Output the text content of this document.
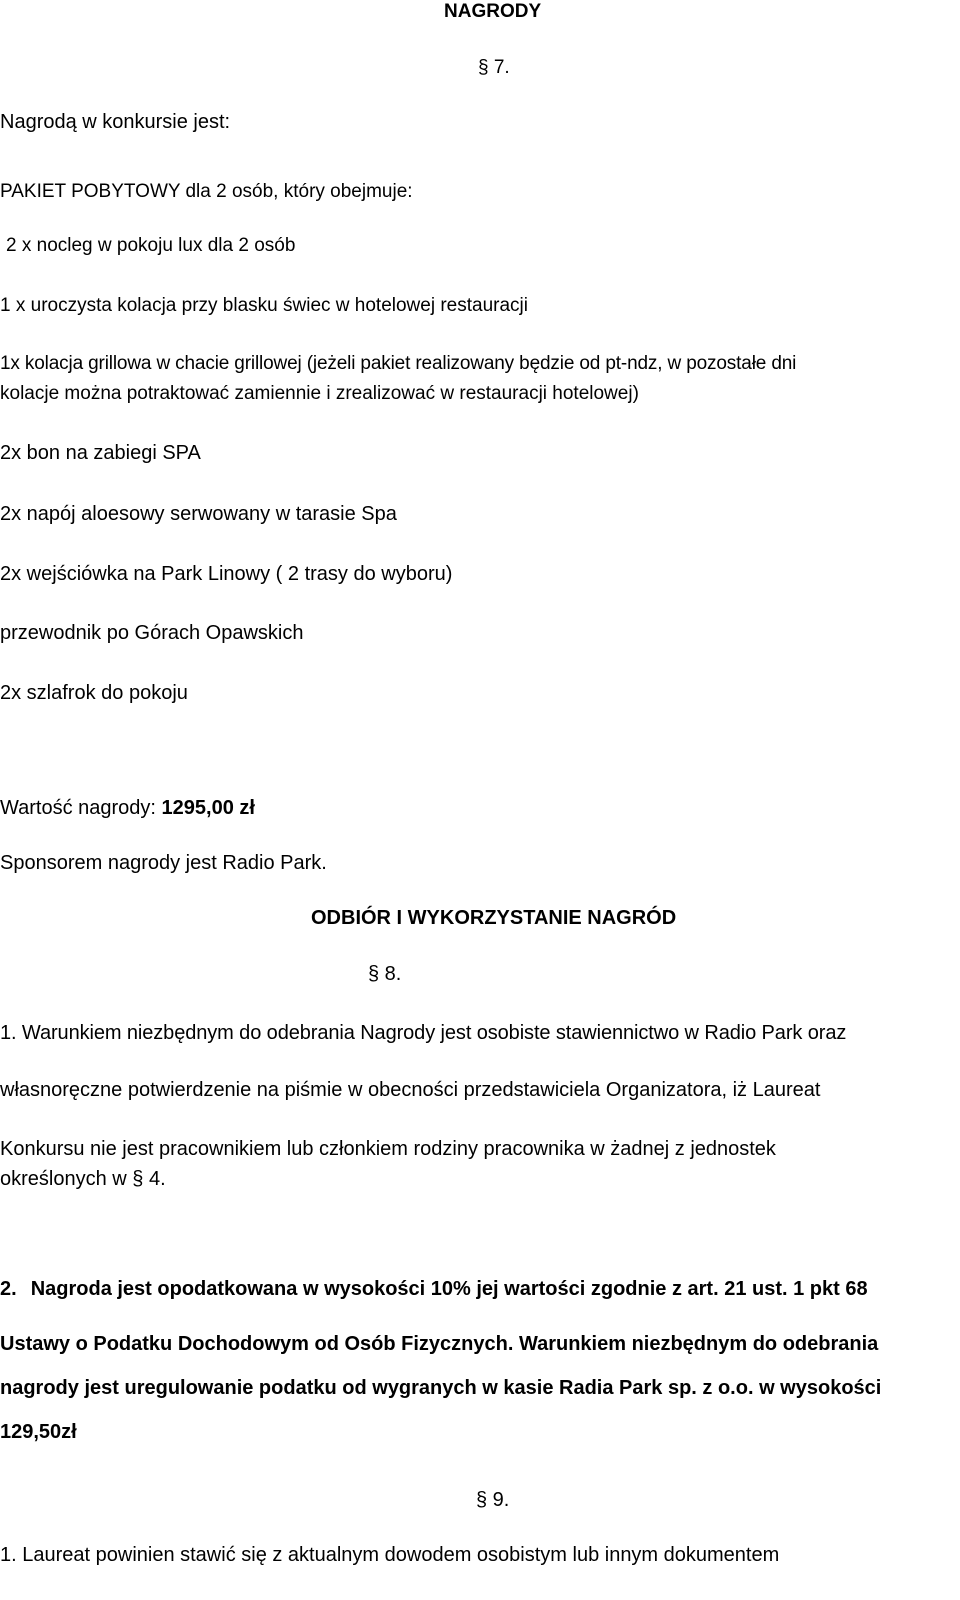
NAGRODY
§ 7.
Nagrodą w konkursie jest:
PAKIET POBYTOWY dla 2 osób, który obejmuje:
2 x nocleg w pokoju lux dla 2 osób
1 x uroczysta kolacja przy blasku świec w hotelowej restauracji
1x kolacja grillowa w chacie grillowej (jeżeli pakiet realizowany będzie od pt-ndz, w pozostałe dni
kolacje można potraktować zamiennie i zrealizować w restauracji hotelowej)
2x bon na zabiegi SPA
2x napój aloesowy serwowany w tarasie Spa
2x wejściówka na Park Linowy ( 2 trasy do wyboru)
przewodnik po Górach Opawskich
2x szlafrok do pokoju
Wartość nagrody: 1295,00 zł
Sponsorem nagrody jest Radio Park.
ODBIÓR I WYKORZYSTANIE NAGRÓD
§ 8.
1. Warunkiem niezbędnym do odebrania Nagrody jest osobiste stawiennictwo w Radio Park oraz
własnoręczne potwierdzenie na piśmie w obecności przedstawiciela Organizatora, iż Laureat
Konkursu nie jest pracownikiem lub członkiem rodziny pracownika w żadnej z jednostek
określonych w § 4.
2. Nagroda jest opodatkowana w wysokości 10% jej wartości zgodnie z art. 21 ust. 1 pkt 68
Ustawy o Podatku Dochodowym od Osób Fizycznych. Warunkiem niezbędnym do odebrania
nagrody jest uregulowanie podatku od wygranych w kasie Radia Park sp. z o.o. w wysokości
129,50zł
§ 9.
1. Laureat powinien stawić się z aktualnym dowodem osobistym lub innym dokumentem
